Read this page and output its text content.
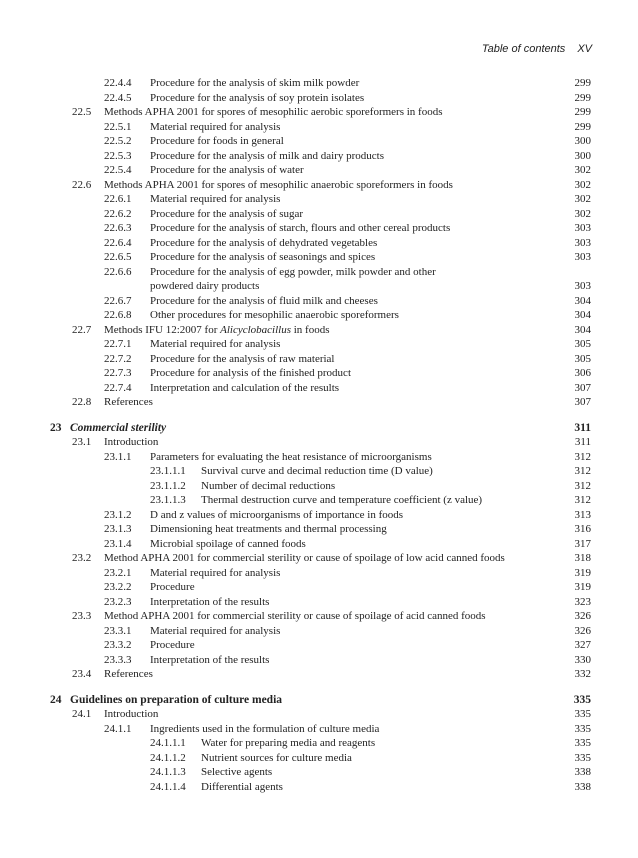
Table of contents XV
22.4.4 Procedure for the analysis of skim milk powder	299
22.4.5 Procedure for the analysis of soy protein isolates	299
22.5 Methods APHA 2001 for spores of mesophilic aerobic sporeformers in foods	299
22.5.1 Material required for analysis	299
22.5.2 Procedure for foods in general	300
22.5.3 Procedure for the analysis of milk and dairy products	300
22.5.4 Procedure for the analysis of water	302
22.6 Methods APHA 2001 for spores of mesophilic anaerobic sporeformers in foods	302
22.6.1 Material required for analysis	302
22.6.2 Procedure for the analysis of sugar	302
22.6.3 Procedure for the analysis of starch, flours and other cereal products	303
22.6.4 Procedure for the analysis of dehydrated vegetables	303
22.6.5 Procedure for the analysis of seasonings and spices	303
22.6.6 Procedure for the analysis of egg powder, milk powder and other
powdered dairy products	303
22.6.7 Procedure for the analysis of fluid milk and cheeses	304
22.6.8 Other procedures for mesophilic anaerobic sporeformers	304
22.7 Methods IFU 12:2007 for Alicyclobacillus in foods	304
22.7.1 Material required for analysis	305
22.7.2 Procedure for the analysis of raw material	305
22.7.3 Procedure for analysis of the finished product	306
22.7.4 Interpretation and calculation of the results	307
22.8 References	307
23 Commercial sterility	311
23.1 Introduction	311
23.1.1 Parameters for evaluating the heat resistance of microorganisms	312
23.1.1.1 Survival curve and decimal reduction time (D value)	312
23.1.1.2 Number of decimal reductions	312
23.1.1.3 Thermal destruction curve and temperature coefficient (z value)	312
23.1.2 D and z values of microorganisms of importance in foods	313
23.1.3 Dimensioning heat treatments and thermal processing	316
23.1.4 Microbial spoilage of canned foods	317
23.2 Method APHA 2001 for commercial sterility or cause of spoilage of low acid canned foods	318
23.2.1 Material required for analysis	319
23.2.2 Procedure	319
23.2.3 Interpretation of the results	323
23.3 Method APHA 2001 for commercial sterility or cause of spoilage of acid canned foods	326
23.3.1 Material required for analysis	326
23.3.2 Procedure	327
23.3.3 Interpretation of the results	330
23.4 References	332
24 Guidelines on preparation of culture media	335
24.1 Introduction	335
24.1.1 Ingredients used in the formulation of culture media	335
24.1.1.1 Water for preparing media and reagents	335
24.1.1.2 Nutrient sources for culture media	335
24.1.1.3 Selective agents	338
24.1.1.4 Differential agents	338
